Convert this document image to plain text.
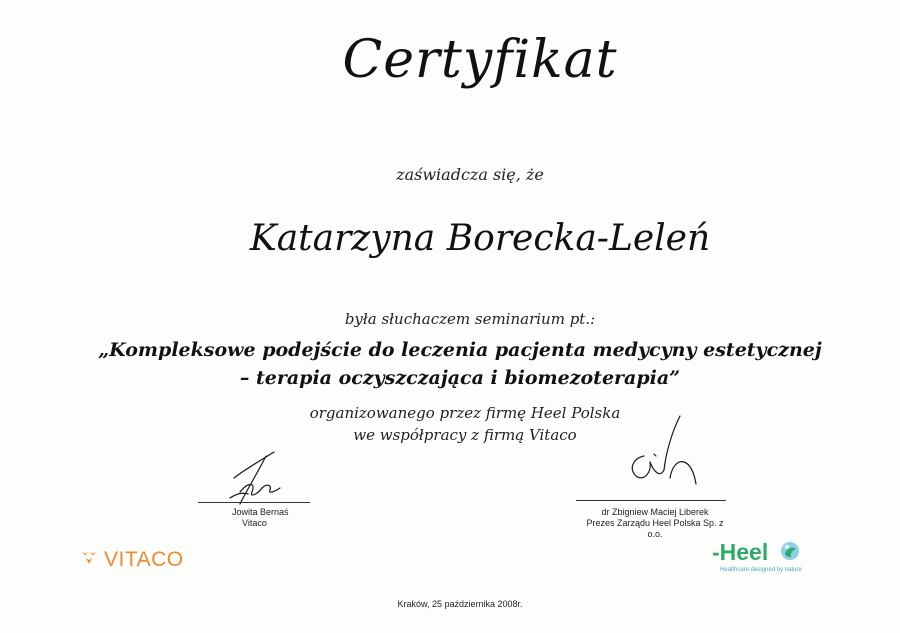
Certyfikat
zaświadcza się, że
Katarzyna Borecka-Leleń
była słuchaczem seminarium pt.:
„Kompleksowe podejście do leczenia pacjenta medycyny estetycznej
– terapia oczyszczająca i biomezoterapia”
organizowanego przez firmę Heel Polska
we współpracy z firmą Vitaco
Jowita Bernaś
Vitaco
dr Zbigniew Maciej Liberek
Prezes Zarządu Heel Polska Sp. z o.o.
VITACO	-Heel
Healthcare designed by nature
Kraków, 25 października 2008r.
